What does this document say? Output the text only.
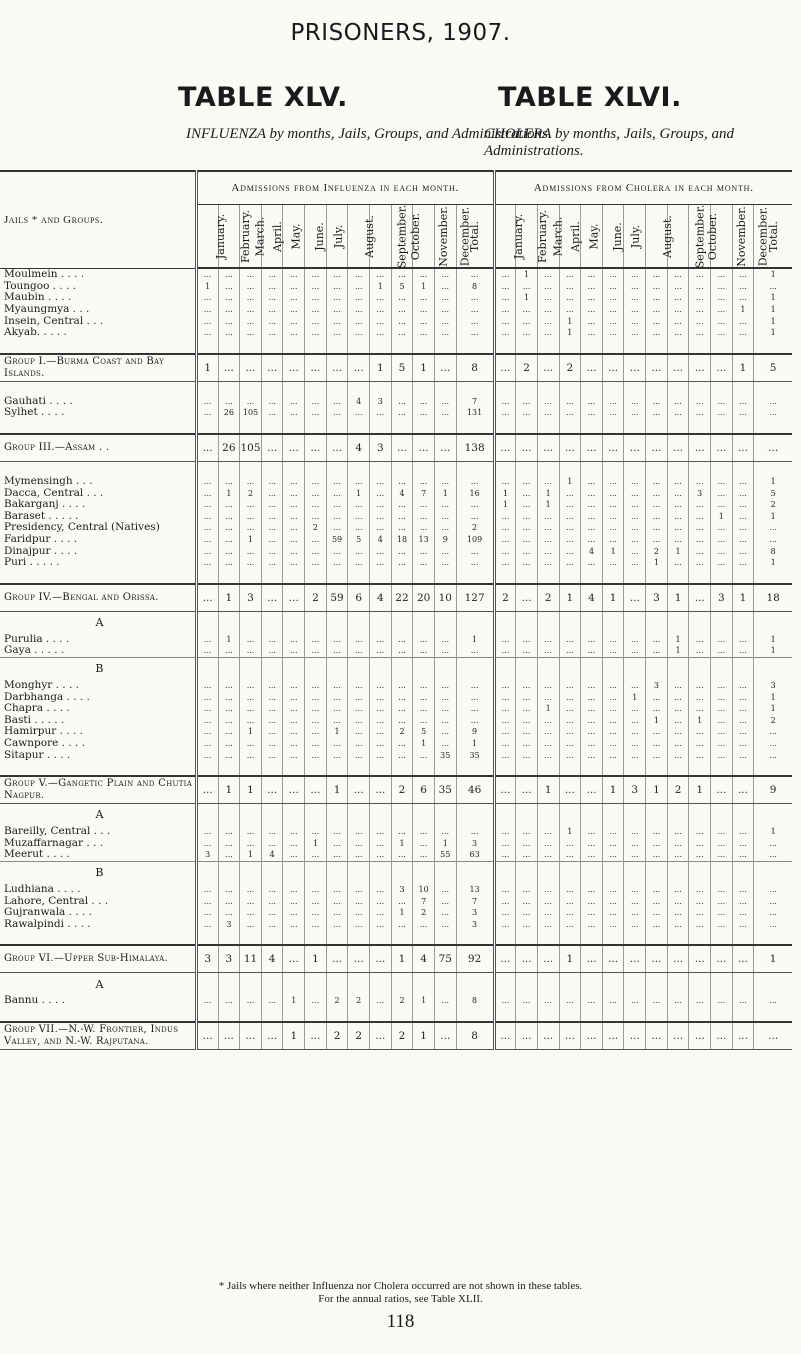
PRISONERS, 1907.
TABLE XLV.	TABLE XLVI.
INFLUENZA by months, Jails, Groups, and Administrations.
CHOLERA by months, Jails, Groups, and Administrations.
Jails * and Groups.	Admissions from Influenza in each month.													Admissions from Cholera in each month.												
	January.	February.	March.	April.	May.	June.	July.	August.	September.	October.	November.	December.	Total.	January.	February.	March.	April.	May.	June.	July.	August.	September.	October.	November.	December.	Total.
Moulmein . . . .	...	...	...	...	...	...	...	...	...	...	...	...	...	...	1	...	...	...	...	...	...	...	...	...	...	1
Toungoo . . . .	1	...	...	...	...	...	...	...	1	5	1	...	8	...	...	...	...	...	...	...	...	...	...	...	...	...
Maubin . . . .	...	...	...	...	...	...	...	...	...	...	...	...	...	...	1	...	...	...	...	...	...	...	...	...	...	1
Myaungmya . . .	...	...	...	...	...	...	...	...	...	...	...	...	...	...	...	...	...	...	...	...	...	...	...	...	1	1
Insein, Central . . .	...	...	...	...	...	...	...	...	...	...	...	...	...	...	...	...	1	...	...	...	...	...	...	...	...	1
Akyab. . . . .	...	...	...	...	...	...	...	...	...	...	...	...	...	...	...	...	1	...	...	...	...	...	...	...	...	1

Group I.—Burma Coast and Bay Islands.	1	...	...	...	...	...	...	...	1	5	1	...	8	...	2	...	2	...	...	...	...	...	...	...	1	5

Gauhati . . . .	...	...	...	...	...	...	...	4	3	...	...	...	7	...	...	...	...	...	...	...	...	...	...	...	...	...
Sylhet . . . .	...	26	105	...	...	...	...	...	...	...	...	...	131	...	...	...	...	...	...	...	...	...	...	...	...	...

Group III.—Assam . .	...	26	105	...	...	...	...	4	3	...	...	...	138	...	...	...	...	...	...	...	...	...	...	...	...	...

Mymensingh . . .	...	...	...	...	...	...	...	...	...	...	...	...	...	...	...	...	1	...	...	...	...	...	...	...	...	1
Dacca, Central . . .	...	1	2	...	...	...	...	1	...	4	7	1	16	1	...	1	...	...	...	...	...	...	3	...	...	5
Bakarganj . . . .	...	...	...	...	...	...	...	...	...	...	...	...	...	1	...	1	...	...	...	...	...	...	...	...	...	2
Baraset . . . . .	...	...	...	...	...	...	...	...	...	...	...	...	...	...	...	...	...	...	...	...	...	...	...	1	...	1
Presidency, Central (Natives)	...	...	...	...	...	2	...	...	...	...	...	...	2	...	...	...	...	...	...	...	...	...	...	...	...	...
Faridpur . . . .	...	...	1	...	...	...	59	5	4	18	13	9	109	...	...	...	...	...	...	...	...	...	...	...	...	...
Dinajpur . . . .	...	...	...	...	...	...	...	...	...	...	...	...	...	...	...	...	...	4	1	...	2	1	...	...	...	8
Puri . . . . .	...	...	...	...	...	...	...	...	...	...	...	...	...	...	...	...	...	...	...	...	1	...	...	...	...	1

Group IV.—Bengal and Orissa.	...	1	3	...	...	2	59	6	4	22	20	10	127	2	...	2	1	4	1	...	3	1	...	3	1	18
A																										
Purulia . . . .	...	1	...	...	...	...	...	...	...	...	...	...	1	...	...	...	...	...	...	...	...	1	...	...	...	1
Gaya . . . . .	...	...	...	...	...	...	...	...	...	...	...	...	...	...	...	...	...	...	...	...	...	1	...	...	...	1
B																										
Monghyr . . . .	...	...	...	...	...	...	...	...	...	...	...	...	...	...	...	...	...	...	...	...	3	...	...	...	...	3
Darbhanga . . . .	...	...	...	...	...	...	...	...	...	...	...	...	...	...	...	...	...	...	...	1	...	...	...	...	...	1
Chapra . . . .	...	...	...	...	...	...	...	...	...	...	...	...	...	...	...	1	...	...	...	...	...	...	...	...	...	1
Basti . . . . .	...	...	...	...	...	...	...	...	...	...	...	...	...	...	...	...	...	...	...	...	1	...	1	...	...	2
Hamirpur . . . .	...	...	1	...	...	...	1	...	...	2	5	...	9	...	...	...	...	...	...	...	...	...	...	...	...	...
Cawnpore . . . .	...	...	...	...	...	...	...	...	...	...	1	...	1	...	...	...	...	...	...	...	...	...	...	...	...	...
Sitapur . . . .	...	...	...	...	...	...	...	...	...	...	...	35	35	...	...	...	...	...	...	...	...	...	...	...	...	...

Group V.—Gangetic Plain and Chutia Nagpur.	...	1	1	...	...	...	1	...	...	2	6	35	46	...	...	1	...	...	1	3	1	2	1	...	...	9
A																										
Bareilly, Central . . .	...	...	...	...	...	...	...	...	...	...	...	...	...	...	...	...	1	...	...	...	...	...	...	...	...	1
Muzaffarnagar . . .	...	...	...	...	...	1	...	...	...	1	...	1	3	...	...	...	...	...	...	...	...	...	...	...	...	...
Meerut . . . .	3	...	1	4	...	...	...	...	...	...	...	55	63	...	...	...	...	...	...	...	...	...	...	...	...	...
B																										
Ludhiana . . . .	...	...	...	...	...	...	...	...	...	3	10	...	13	...	...	...	...	...	...	...	...	...	...	...	...	...
Lahore, Central . . .	...	...	...	...	...	...	...	...	...	...	7	...	7	...	...	...	...	...	...	...	...	...	...	...	...	...
Gujranwala . . . .	...	...	...	...	...	...	...	...	...	1	2	...	3	...	...	...	...	...	...	...	...	...	...	...	...	...
Rawalpindi . . . .	...	3	...	...	...	...	...	...	...	...	...	...	3	...	...	...	...	...	...	...	...	...	...	...	...	...

Group VI.—Upper Sub-Himalaya.	3	3	11	4	...	1	...	...	...	1	4	75	92	...	...	...	1	...	...	...	...	...	...	...	...	1
A																										
Bannu . . . .	...	...	...	...	1	...	2	2	...	2	1	...	8	...	...	...	...	...	...	...	...	...	...	...	...	...

Group VII.—N.-W. Frontier, Indus Valley, and N.-W. Rajputana.	...	...	...	...	1	...	2	2	...	2	1	...	8	...	...	...	...	...	...	...	...	...	...	...	...	...
* Jails where neither Influenza nor Cholera occurred are not shown in these tables.
For the annual ratios, see Table XLII.
118
